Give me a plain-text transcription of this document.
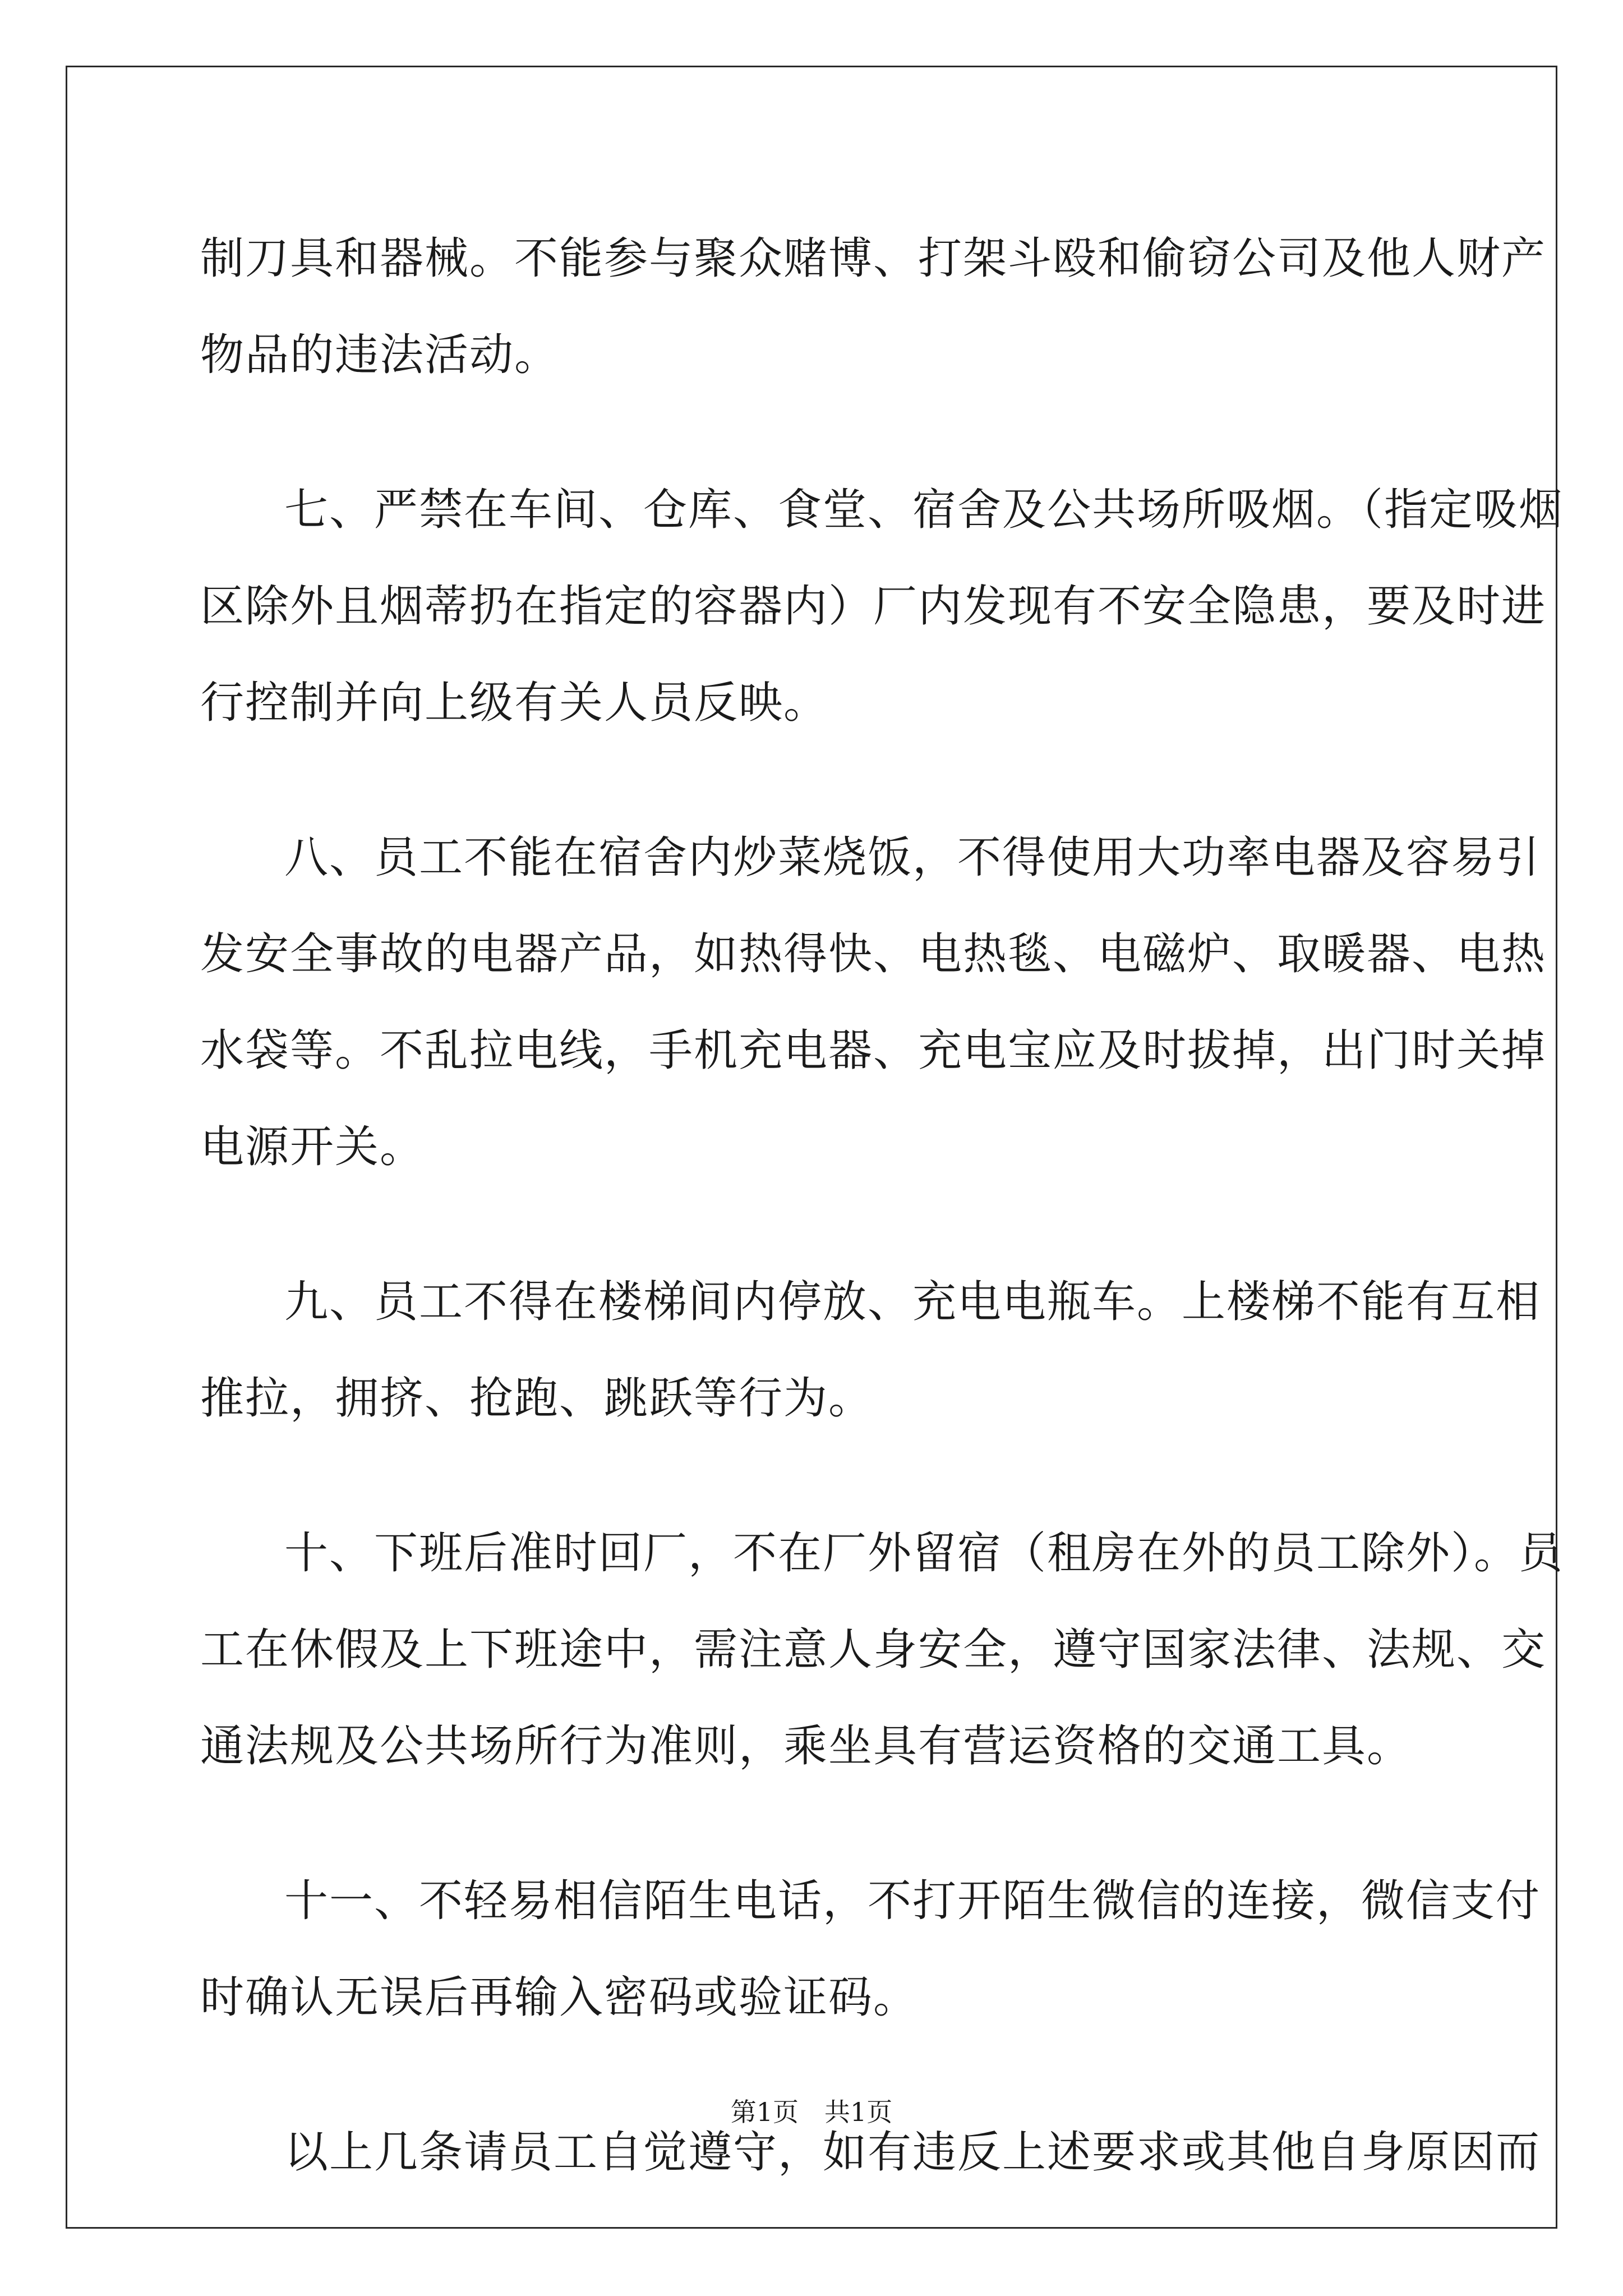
制刀具和器械。不能参与聚众赌博、打架斗殴和偷窃公司及他人财产
物品的违法活动。
七、严禁在车间、仓库、食堂、宿舍及公共场所吸烟。（指定吸烟
区除外且烟蒂扔在指定的容器内）厂内发现有不安全隐患，要及时进
行控制并向上级有关人员反映。
八、员工不能在宿舍内炒菜烧饭，不得使用大功率电器及容易引
发安全事故的电器产品，如热得快、电热毯、电磁炉、取暖器、电热
水袋等。不乱拉电线，手机充电器、充电宝应及时拔掉，出门时关掉
电源开关。
九、员工不得在楼梯间内停放、充电电瓶车。上楼梯不能有互相
推拉，拥挤、抢跑、跳跃等行为。
十、下班后准时回厂，不在厂外留宿（租房在外的员工除外）。员
工在休假及上下班途中，需注意人身安全，遵守国家法律、法规、交
通法规及公共场所行为准则，乘坐具有营运资格的交通工具。
十一、不轻易相信陌生电话，不打开陌生微信的连接，微信支付
时确认无误后再输入密码或验证码。
以上几条请员工自觉遵守，如有违反上述要求或其他自身原因而
第1页　共1页
